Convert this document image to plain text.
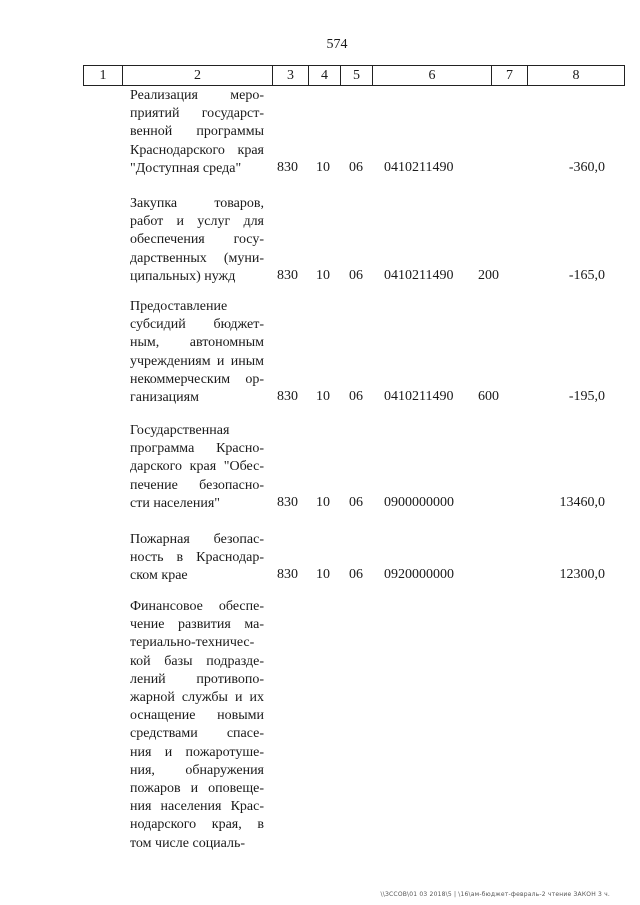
574
1	2	3	4	5	6	7	8
Реализация меро-
приятий государст-
венной программы
Краснодарского края
"Доступная среда"	830 10 06 0410211490	-360,0
Закупка товаров,
работ и услуг для
обеспечения госу-
дарственных (муни-
ципальных) нужд	830 10 06 0410211490 200	-165,0
Предоставление
субсидий бюджет-
ным, автономным
учреждениям и иным
некоммерческим ор-
ганизациям	830 10 06 0410211490 600	-195,0
Государственная
программа Красно-
дарского края "Обес-
печение безопасно-
сти населения"	830 10 06 0900000000	13460,0
Пожарная безопас-
ность в Краснодар-
ском крае	830 10 06 0920000000	12300,0
Финансовое обеспе-
чение развития ма-
териально-техничес-
кой базы подразде-
лений противопо-
жарной службы и их
оснащение новыми
средствами спасе-
ния и пожаротуше-
ния, обнаружения
пожаров и оповеще-
ния населения Крас-
нодарского края, в
том числе социаль-
\\ЗССОВ\01 03 2018\5 | \16\ам-бюджет-февраль-2 чтение ЗАКОН 3 ч.
